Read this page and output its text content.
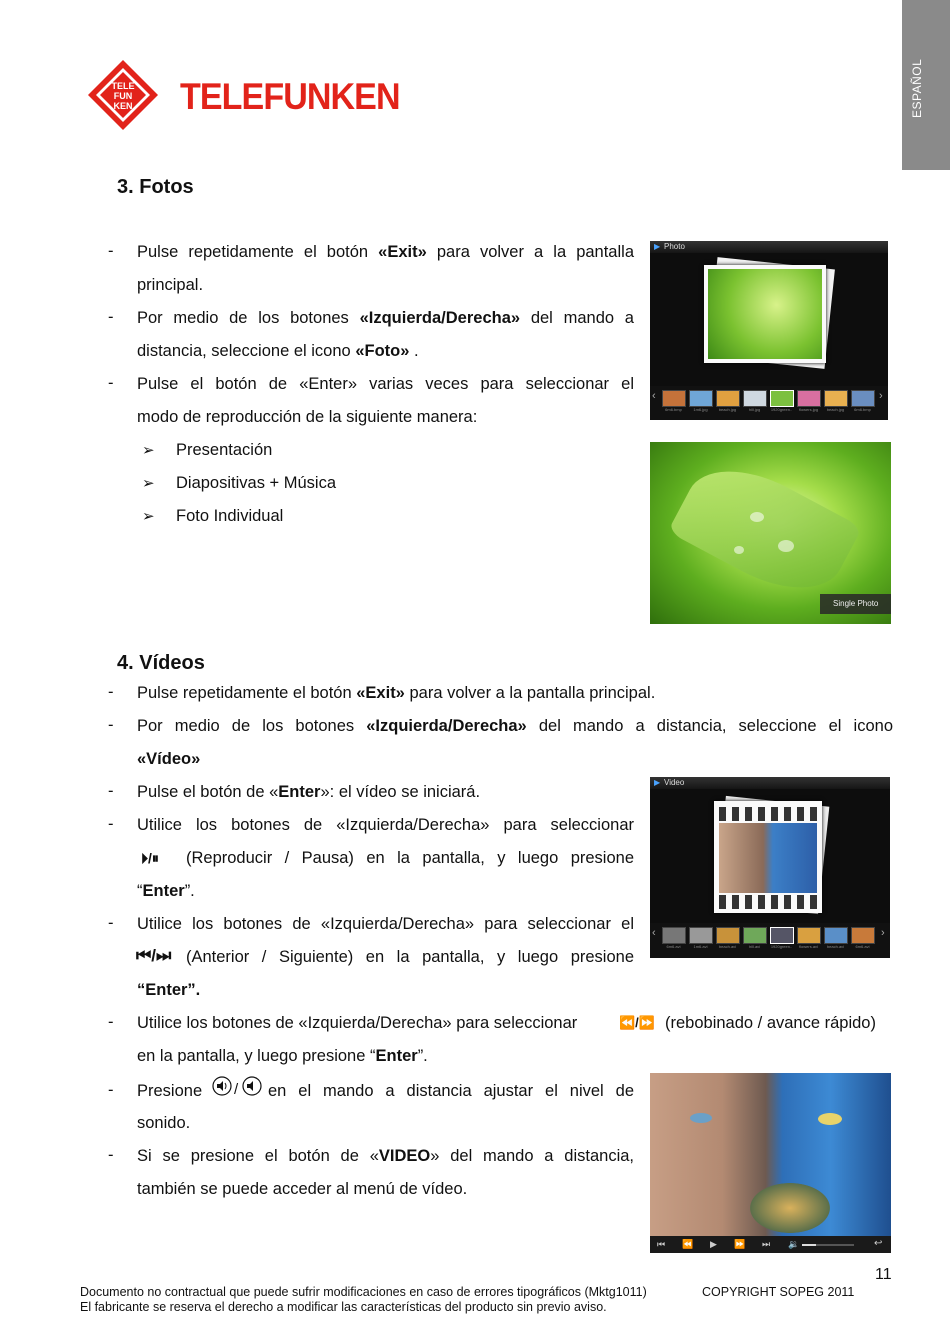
ESPAÑOL
TELE
FUN
KEN TELEFUNKEN
3. Fotos
- Pulse repetidamente el botón «Exit» para volver a la pantalla
principal.
- Por medio de los botones «Izquierda/Derecha» del mando a
distancia, seleccione el icono «Foto» .
- Pulse el botón de «Enter» varias veces para seleccionar el
modo de reproducción de la siguiente manera:
➢ Presentación
➢ Diapositivas + Música
➢ Foto Individual
▶ Photo
‹	›
6m6.bmp	1m6.jpg	beach.jpg	hill.jpg	1920green..	flowers.jpg	beach.jpg	6m6.bmp
Single Photo
4. Vídeos
- Pulse repetidamente el botón «Exit» para volver a la pantalla principal.
- Por medio de los botones «Izquierda/Derecha» del mando a distancia, seleccione el icono
«Vídeo»
- Pulse el botón de «Enter»: el vídeo se iniciará.
- Utilice los botones de «Izquierda/Derecha» para seleccionar
⏵/⏸ (Reproducir / Pausa) en la pantalla, y luego presione
“Enter”.
- Utilice los botones de «Izquierda/Derecha» para seleccionar el
⏮/⏭ (Anterior / Siguiente) en la pantalla, y luego presione
“Enter”.
- Utilice los botones de «Izquierda/Derecha» para seleccionar	⏪/⏩ (rebobinado / avance rápido)
en la pantalla, y luego presione “Enter”.
- Presione / en el mando a distancia ajustar el nivel de
sonido.
- Si se presione el botón de «VIDEO» del mando a distancia,
también se puede acceder al menú de vídeo.
▶ Video
‹	›
6m6.avi	1m6.avi	beach.avi	hill.avi	1920green..	flowers.avi	beach.avi	6m6.avi
⏮ ⏪ ▶ ⏩ ⏭ 🔉	↩
11
Documento no contractual que puede sufrir modificaciones en caso de errores tipográficos (Mktg1011)	COPYRIGHT SOPEG 2011
El fabricante se reserva el derecho a modificar las características del producto sin previo aviso.
